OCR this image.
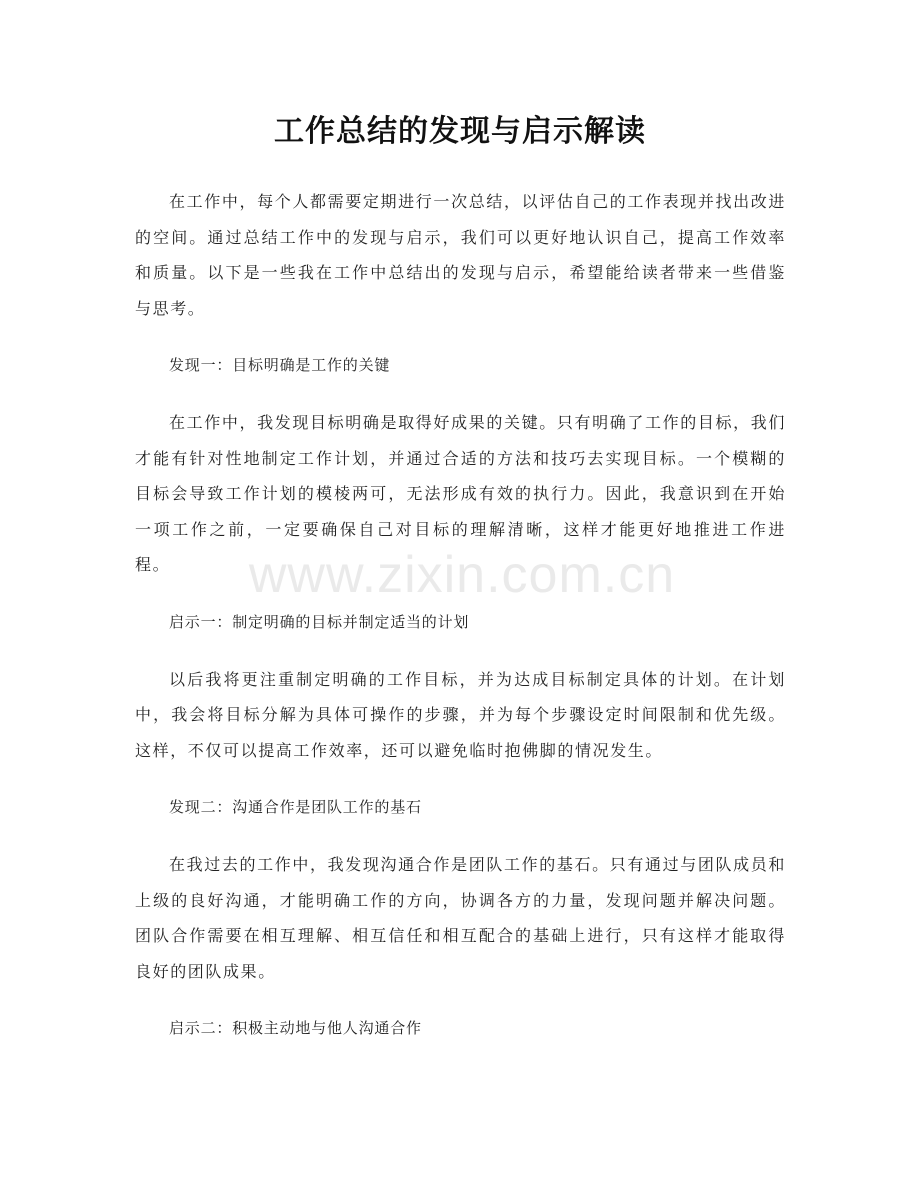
工作总结的发现与启示解读
www.zixin.com.cn

在工作中，每个人都需要定期进行一次总结，以评估自己的工作表现并找出改进的空间。通过总结工作中的发现与启示，我们可以更好地认识自己，提高工作效率和质量。以下是一些我在工作中总结出的发现与启示，希望能给读者带来一些借鉴与思考。

发现一：目标明确是工作的关键

在工作中，我发现目标明确是取得好成果的关键。只有明确了工作的目标，我们才能有针对性地制定工作计划，并通过合适的方法和技巧去实现目标。一个模糊的目标会导致工作计划的模棱两可，无法形成有效的执行力。因此，我意识到在开始一项工作之前，一定要确保自己对目标的理解清晰，这样才能更好地推进工作进程。

启示一：制定明确的目标并制定适当的计划

以后我将更注重制定明确的工作目标，并为达成目标制定具体的计划。在计划中，我会将目标分解为具体可操作的步骤，并为每个步骤设定时间限制和优先级。这样，不仅可以提高工作效率，还可以避免临时抱佛脚的情况发生。

发现二：沟通合作是团队工作的基石

在我过去的工作中，我发现沟通合作是团队工作的基石。只有通过与团队成员和上级的良好沟通，才能明确工作的方向，协调各方的力量，发现问题并解决问题。团队合作需要在相互理解、相互信任和相互配合的基础上进行，只有这样才能取得良好的团队成果。

启示二：积极主动地与他人沟通合作
